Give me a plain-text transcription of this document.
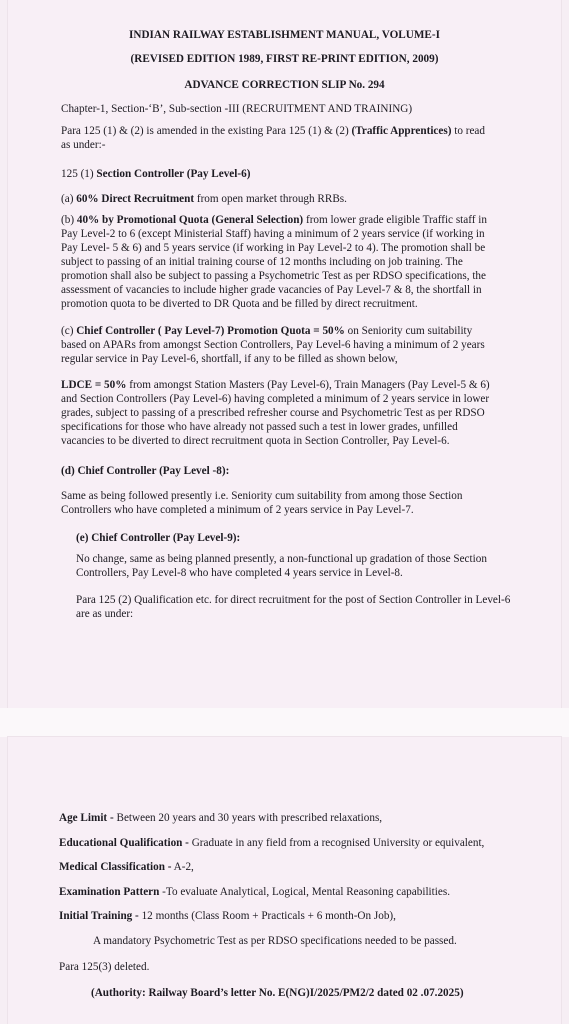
INDIAN RAILWAY ESTABLISHMENT MANUAL, VOLUME-I
(REVISED EDITION 1989, FIRST RE-PRINT EDITION, 2009)
ADVANCE CORRECTION SLIP No. 294
Chapter-1, Section-‘B’, Sub-section -III (RECRUITMENT AND TRAINING)
Para 125 (1) & (2) is amended in the existing Para 125 (1) & (2) (Traffic Apprentices) to read
as under:-
125 (1) Section Controller (Pay Level-6)
(a) 60% Direct Recruitment from open market through RRBs.
(b) 40% by Promotional Quota (General Selection) from lower grade eligible Traffic staff in
Pay Level-2 to 6 (except Ministerial Staff) having a minimum of 2 years service (if working in
Pay Level- 5 & 6) and 5 years service (if working in Pay Level-2 to 4). The promotion shall be
subject to passing of an initial training course of 12 months including on job training. The
promotion shall also be subject to passing a Psychometric Test as per RDSO specifications, the
assessment of vacancies to include higher grade vacancies of Pay Level-7 & 8, the shortfall in
promotion quota to be diverted to DR Quota and be filled by direct recruitment.
(c) Chief Controller ( Pay Level-7) Promotion Quota = 50% on Seniority cum suitability
based on APARs from amongst Section Controllers, Pay Level-6 having a minimum of 2 years
regular service in Pay Level-6, shortfall, if any to be filled as shown below,
LDCE = 50% from amongst Station Masters (Pay Level-6), Train Managers (Pay Level-5 & 6)
and Section Controllers (Pay Level-6) having completed a minimum of 2 years service in lower
grades, subject to passing of a prescribed refresher course and Psychometric Test as per RDSO
specifications for those who have already not passed such a test in lower grades, unfilled
vacancies to be diverted to direct recruitment quota in Section Controller, Pay Level-6.
(d) Chief Controller (Pay Level -8):
Same as being followed presently i.e. Seniority cum suitability from among those Section
Controllers who have completed a minimum of 2 years service in Pay Level-7.
(e) Chief Controller (Pay Level-9):
No change, same as being planned presently, a non-functional up gradation of those Section
Controllers, Pay Level-8 who have completed 4 years service in Level-8.
Para 125 (2) Qualification etc. for direct recruitment for the post of Section Controller in Level-6
are as under:
Age Limit - Between 20 years and 30 years with prescribed relaxations,
Educational Qualification - Graduate in any field from a recognised University or equivalent,
Medical Classification - A-2,
Examination Pattern -To evaluate Analytical, Logical, Mental Reasoning capabilities.
Initial Training - 12 months (Class Room + Practicals + 6 month-On Job),
A mandatory Psychometric Test as per RDSO specifications needed to be passed.
Para 125(3) deleted.
(Authority: Railway Board’s letter No. E(NG)I/2025/PM2/2 dated 02 .07.2025)
